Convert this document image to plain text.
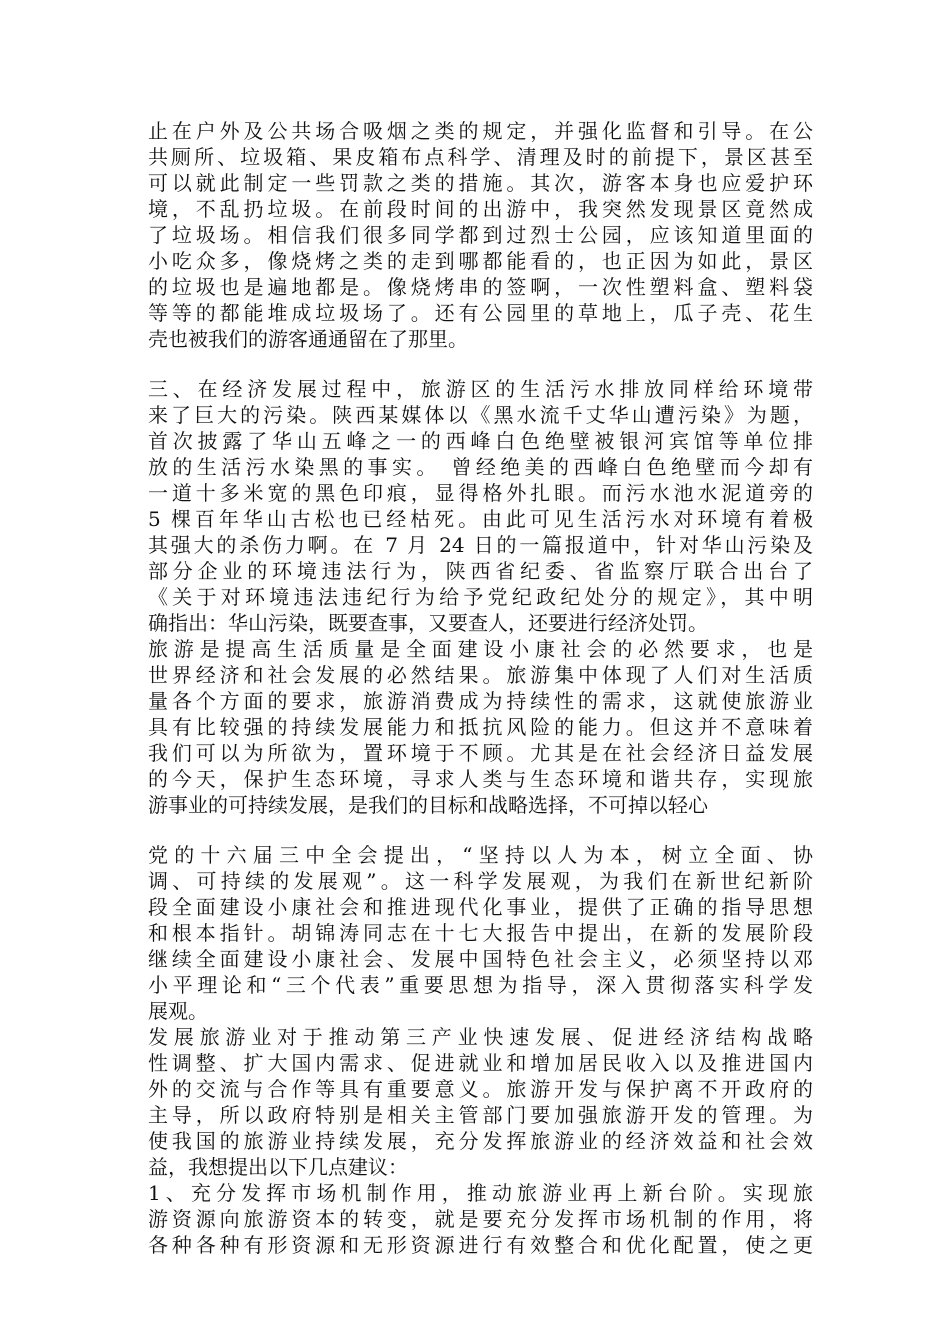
止在户外及公共场合吸烟之类的规定，并强化监督和引导。在公
共厕所、垃圾箱、果皮箱布点科学、清理及时的前提下，景区甚至
可以就此制定一些罚款之类的措施。其次，游客本身也应爱护环
境，不乱扔垃圾。在前段时间的出游中，我突然发现景区竟然成
了垃圾场。相信我们很多同学都到过烈士公园，应该知道里面的
小吃众多，像烧烤之类的走到哪都能看的，也正因为如此，景区
的垃圾也是遍地都是。像烧烤串的签啊，一次性塑料盒、塑料袋
等等的都能堆成垃圾场了。还有公园里的草地上，瓜子壳、花生
壳也被我们的游客通通留在了那里。
三、在经济发展过程中，旅游区的生活污水排放同样给环境带
来了巨大的污染。陕西某媒体以《黑水流千丈华山遭污染》为题，
首次披露了华山五峰之一的西峰白色绝壁被银河宾馆等单位排
放的生活污水染黑的事实。 曾经绝美的西峰白色绝壁而今却有
一道十多米宽的黑色印痕，显得格外扎眼。而污水池水泥道旁的
5 棵百年华山古松也已经枯死。由此可见生活污水对环境有着极
其强大的杀伤力啊。在 7 月 24 日的一篇报道中，针对华山污染及
部分企业的环境违法行为，陕西省纪委、省监察厅联合出台了
《关于对环境违法违纪行为给予党纪政纪处分的规定》，其中明
确指出：华山污染，既要查事，又要查人，还要进行经济处罚。
旅游是提高生活质量是全面建设小康社会的必然要求，也是
世界经济和社会发展的必然结果。旅游集中体现了人们对生活质
量各个方面的要求，旅游消费成为持续性的需求，这就使旅游业
具有比较强的持续发展能力和抵抗风险的能力。但这并不意味着
我们可以为所欲为，置环境于不顾。尤其是在社会经济日益发展
的今天，保护生态环境，寻求人类与生态环境和谐共存，实现旅
游事业的可持续发展，是我们的目标和战略选择，不可掉以轻心
党的十六届三中全会提出，“坚持以人为本，树立全面、协
调、可持续的发展观”。这一科学发展观，为我们在新世纪新阶
段全面建设小康社会和推进现代化事业，提供了正确的指导思想
和根本指针。胡锦涛同志在十七大报告中提出，在新的发展阶段
继续全面建设小康社会、发展中国特色社会主义，必须坚持以邓
小平理论和“三个代表”重要思想为指导，深入贯彻落实科学发
展观。
发展旅游业对于推动第三产业快速发展、促进经济结构战略
性调整、扩大国内需求、促进就业和增加居民收入以及推进国内
外的交流与合作等具有重要意义。旅游开发与保护离不开政府的
主导，所以政府特别是相关主管部门要加强旅游开发的管理。为
使我国的旅游业持续发展，充分发挥旅游业的经济效益和社会效
益，我想提出以下几点建议：
1、充分发挥市场机制作用，推动旅游业再上新台阶。实现旅
游资源向旅游资本的转变，就是要充分发挥市场机制的作用，将
各种各种有形资源和无形资源进行有效整合和优化配置，使之更
